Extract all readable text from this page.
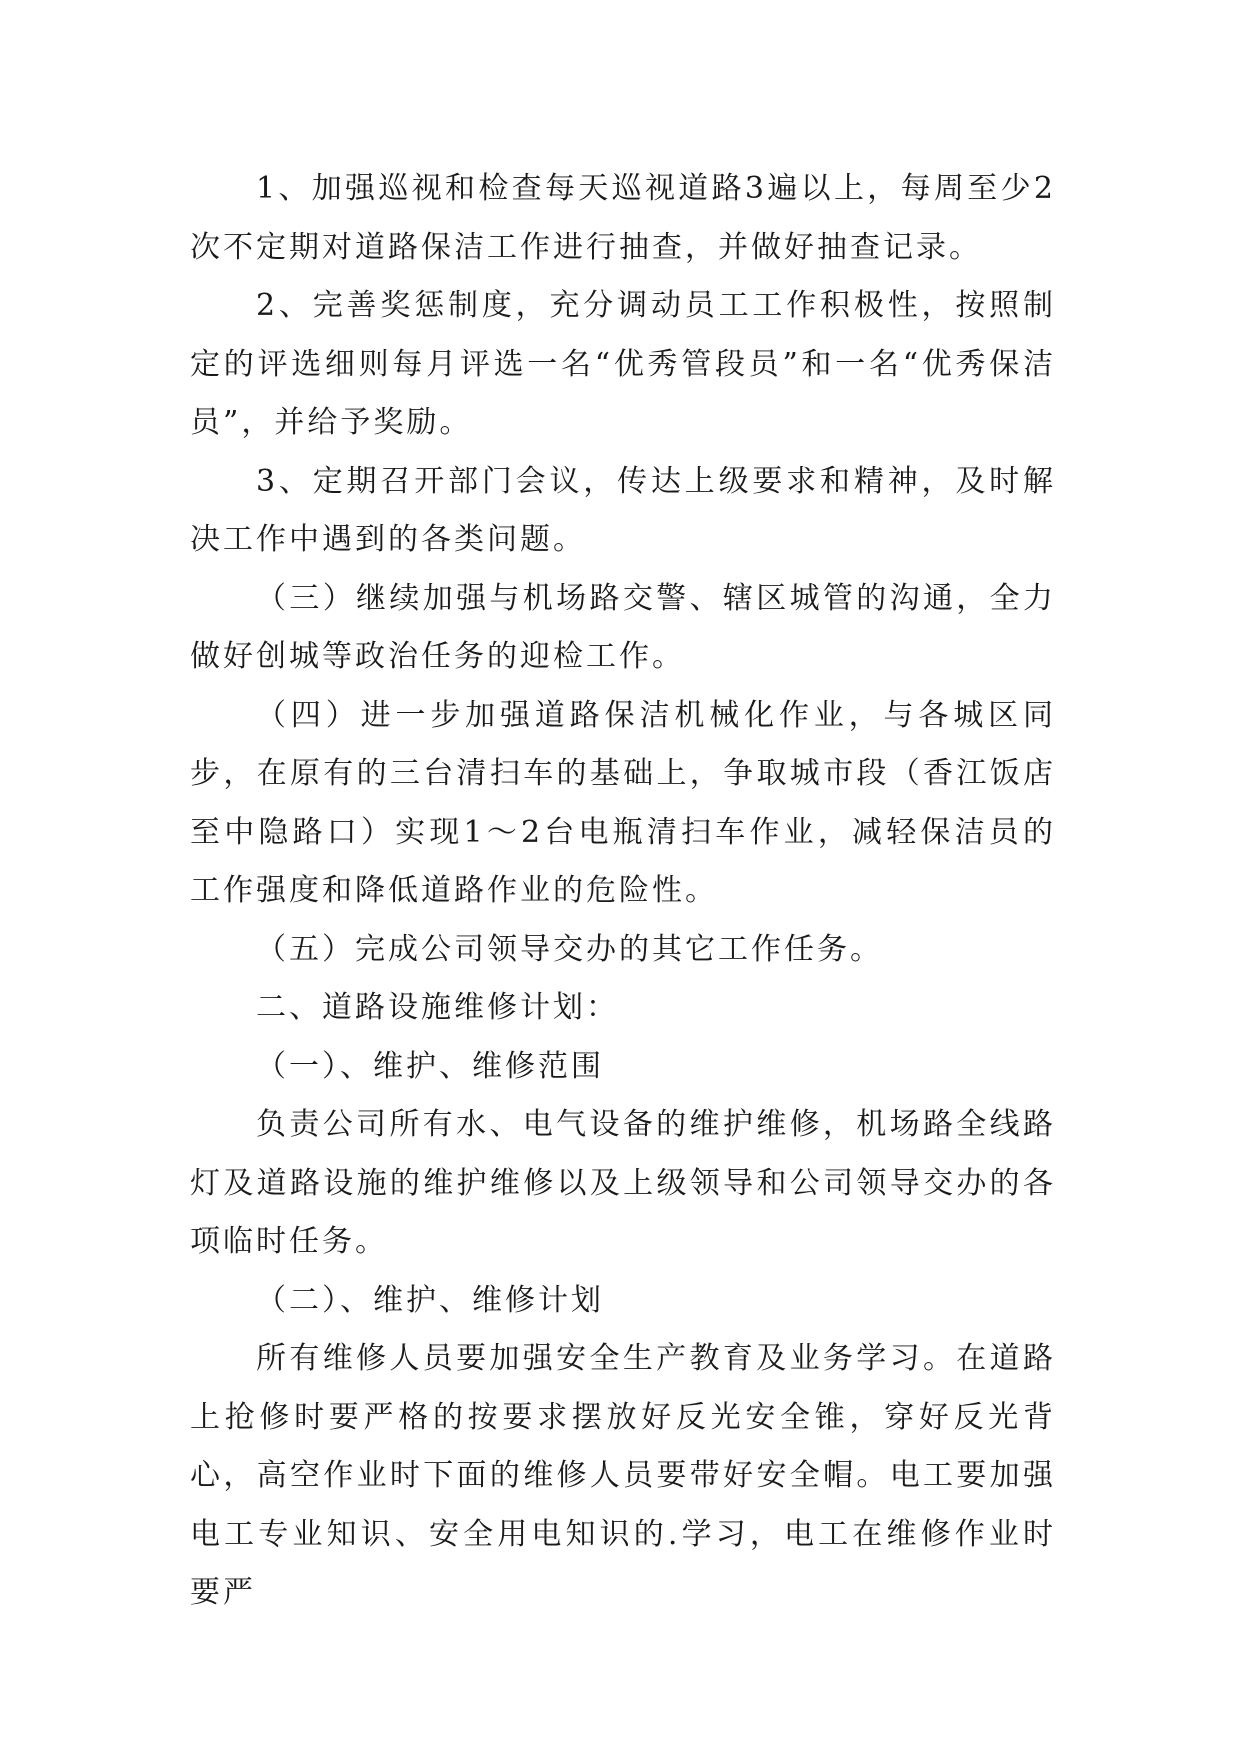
1、加强巡视和检查每天巡视道路3遍以上，每周至少2次不定期对道路保洁工作进行抽查，并做好抽查记录。

2、完善奖惩制度，充分调动员工工作积极性，按照制定的评选细则每月评选一名“优秀管段员”和一名“优秀保洁员”，并给予奖励。

3、定期召开部门会议，传达上级要求和精神，及时解决工作中遇到的各类问题。

（三）继续加强与机场路交警、辖区城管的沟通，全力做好创城等政治任务的迎检工作。

（四）进一步加强道路保洁机械化作业，与各城区同步，在原有的三台清扫车的基础上，争取城市段（香江饭店至中隐路口）实现1～2台电瓶清扫车作业，减轻保洁员的工作强度和降低道路作业的危险性。

（五）完成公司领导交办的其它工作任务。

二、道路设施维修计划：

（一）、维护、维修范围

负责公司所有水、电气设备的维护维修，机场路全线路灯及道路设施的维护维修以及上级领导和公司领导交办的各项临时任务。

（二）、维护、维修计划

所有维修人员要加强安全生产教育及业务学习。在道路上抢修时要严格的按要求摆放好反光安全锥，穿好反光背心，高空作业时下面的维修人员要带好安全帽。电工要加强电工专业知识、安全用电知识的.学习，电工在维修作业时要严
